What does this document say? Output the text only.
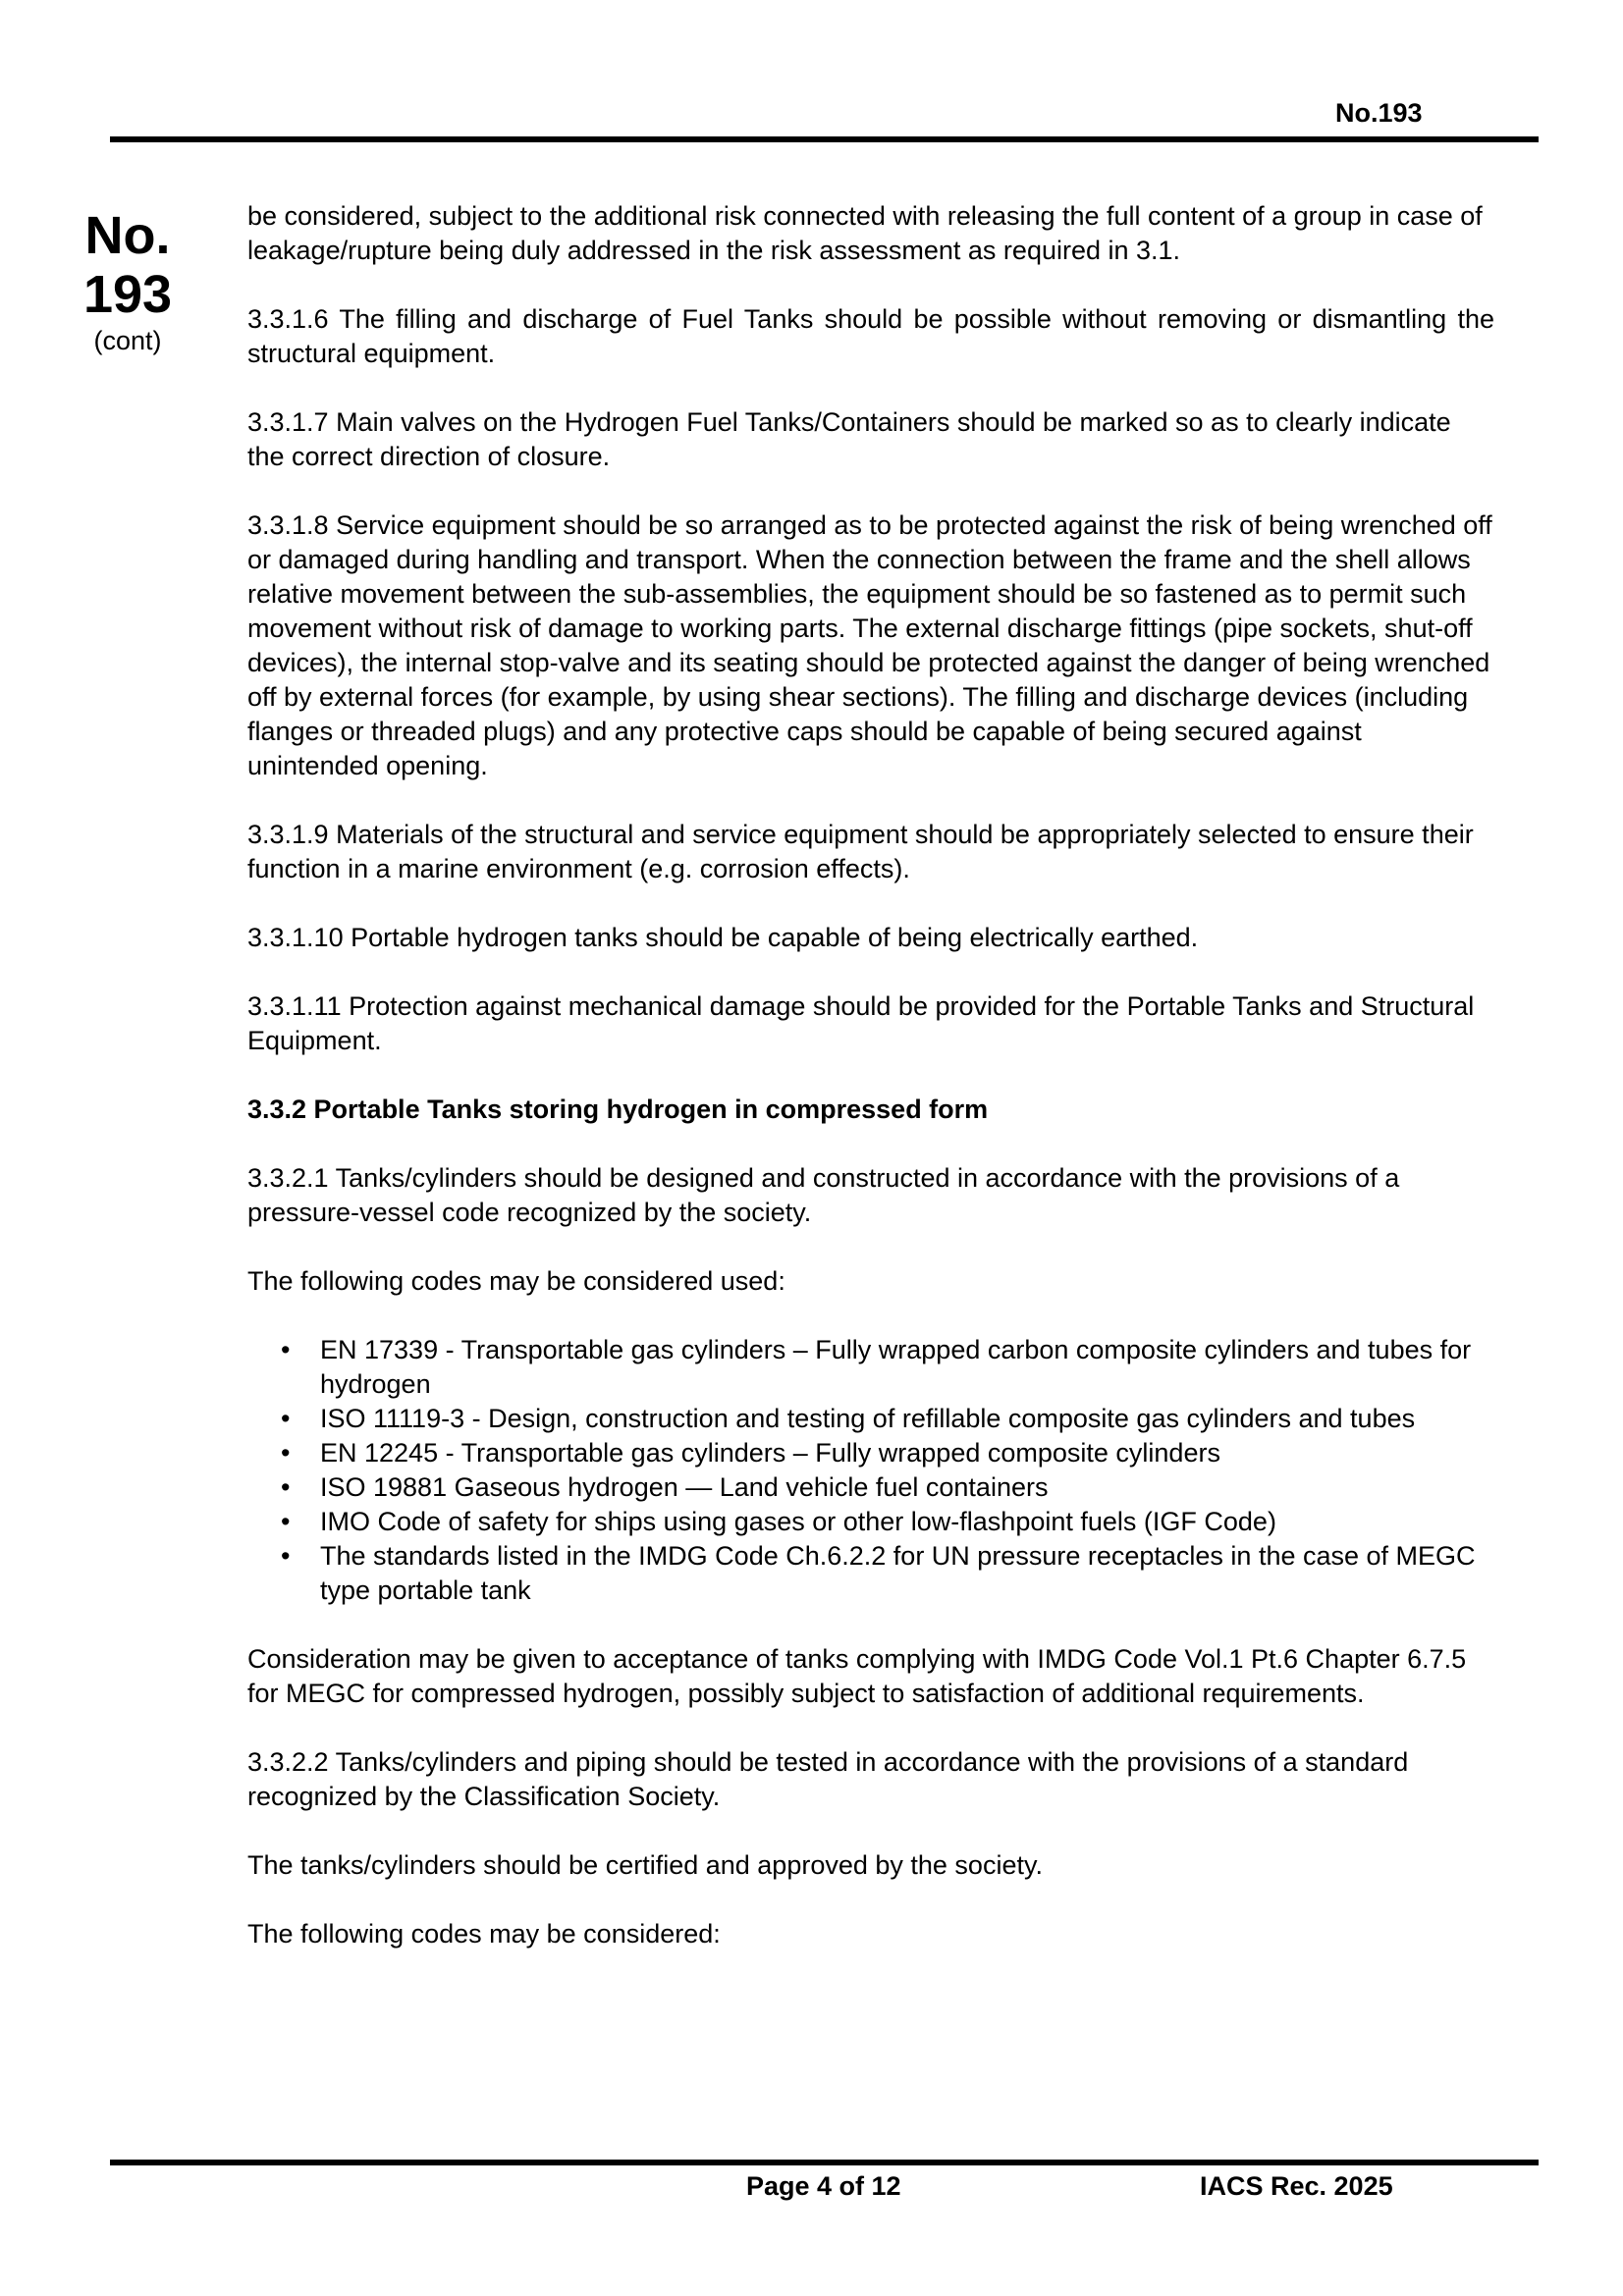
No.193
No.
193
(cont)

be considered, subject to the additional risk connected with releasing the full content of a group in case of leakage/rupture being duly addressed in the risk assessment as required in 3.1.

3.3.1.6 The filling and discharge of Fuel Tanks should be possible without removing or dismantling the structural equipment.

3.3.1.7 Main valves on the Hydrogen Fuel Tanks/Containers should be marked so as to clearly indicate the correct direction of closure.

3.3.1.8 Service equipment should be so arranged as to be protected against the risk of being wrenched off or damaged during handling and transport. When the connection between the frame and the shell allows relative movement between the sub-assemblies, the equipment should be so fastened as to permit such movement without risk of damage to working parts. The external discharge fittings (pipe sockets, shut-off devices), the internal stop-valve and its seating should be protected against the danger of being wrenched off by external forces (for example, by using shear sections). The filling and discharge devices (including flanges or threaded plugs) and any protective caps should be capable of being secured against unintended opening.

3.3.1.9 Materials of the structural and service equipment should be appropriately selected to ensure their function in a marine environment (e.g. corrosion effects).

3.3.1.10 Portable hydrogen tanks should be capable of being electrically earthed.

3.3.1.11 Protection against mechanical damage should be provided for the Portable Tanks and Structural Equipment.

3.3.2 Portable Tanks storing hydrogen in compressed form

3.3.2.1 Tanks/cylinders should be designed and constructed in accordance with the provisions of a pressure-vessel code recognized by the society.

The following codes may be considered used:

• EN 17339 - Transportable gas cylinders – Fully wrapped carbon composite cylinders and tubes for hydrogen
• ISO 11119-3 - Design, construction and testing of refillable composite gas cylinders and tubes
• EN 12245 - Transportable gas cylinders – Fully wrapped composite cylinders
• ISO 19881 Gaseous hydrogen — Land vehicle fuel containers
• IMO Code of safety for ships using gases or other low-flashpoint fuels (IGF Code)
• The standards listed in the IMDG Code Ch.6.2.2 for UN pressure receptacles in the case of MEGC type portable tank

Consideration may be given to acceptance of tanks complying with IMDG Code Vol.1 Pt.6 Chapter 6.7.5 for MEGC for compressed hydrogen, possibly subject to satisfaction of additional requirements.

3.3.2.2 Tanks/cylinders and piping should be tested in accordance with the provisions of a standard recognized by the Classification Society.

The tanks/cylinders should be certified and approved by the society.

The following codes may be considered:

Page 4 of 12	IACS Rec. 2025
